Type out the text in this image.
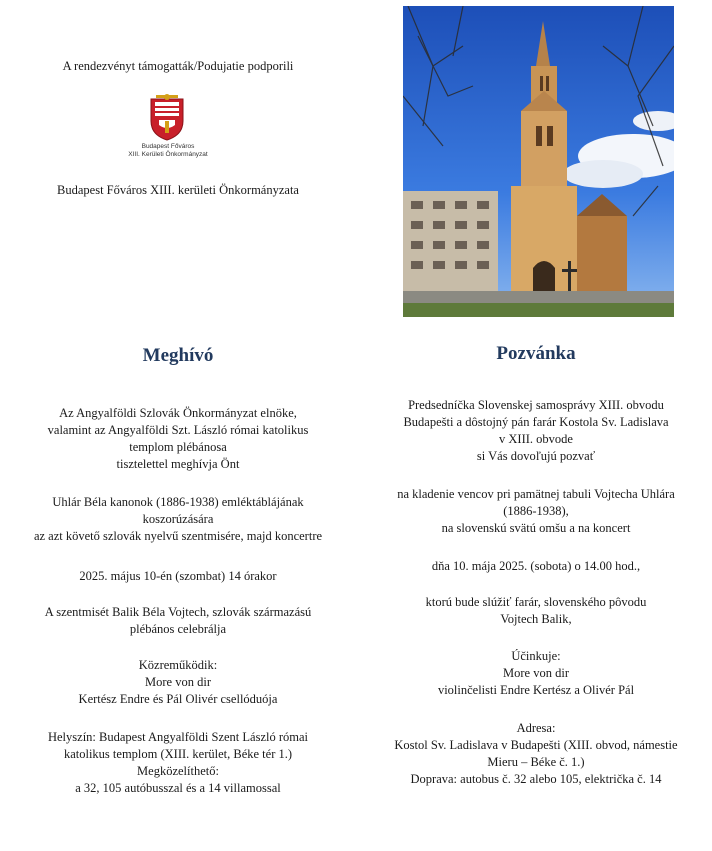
A rendezvényt támogatták/Podujatie podporili

Budapest Főváros
XIII. Kerületi Önkormányzat

Budapest Főváros XIII. kerületi Önkormányzata

Meghívó	Pozvánka

Az Angyalföldi Szlovák Önkormányzat elnöke,

valamint az Angyalföldi Szt. László római katolikus

templom plébánosa

tisztelettel meghívja Önt

Uhlár Béla kanonok (1886-1938) emléktáblájának

koszorúzására

az azt követő szlovák nyelvű szentmisére, majd koncertre

2025. május 10-én (szombat) 14 órakor

A szentmisét Balik Béla Vojtech, szlovák származású

plébános celebrálja

Közreműködik:

More von dir

Kertész Endre és Pál Olivér csellóduója

Helyszín: Budapest Angyalföldi Szent László római

katolikus templom (XIII. kerület, Béke tér 1.)

Megközelíthető:

a 32, 105 autóbusszal és a 14 villamossal

Predsedníčka Slovenskej samosprávy XIII. obvodu

Budapešti a dôstojný pán farár Kostola Sv. Ladislava

v XIII. obvode

si Vás dovoľujú pozvať

na kladenie vencov pri pamätnej tabuli Vojtecha Uhlára

(1886-1938),

na slovenskú svätú omšu a na koncert

dňa 10. mája 2025. (sobota) o 14.00 hod.,

ktorú bude slúžiť farár, slovenského pôvodu

Vojtech Balik,

Účinkuje:

More von dir

violinčelisti Endre Kertész a Olivér Pál

Adresa:

Kostol Sv. Ladislava v Budapešti (XIII. obvod, námestie

Mieru – Béke č. 1.)

Doprava: autobus č. 32 alebo 105, električka č. 14
